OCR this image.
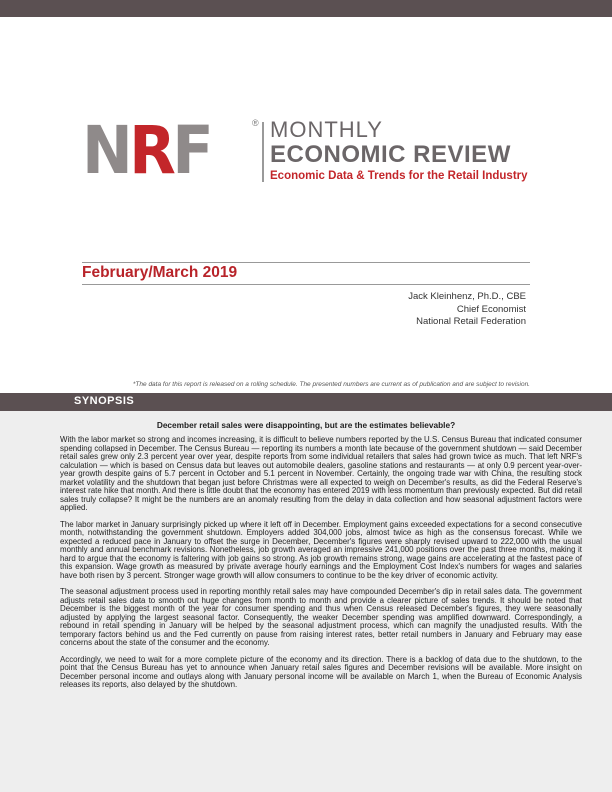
NRF	® MONTHLY
ECONOMIC REVIEW
Economic Data & Trends for the Retail Industry
February/March 2019
Jack Kleinhenz, Ph.D., CBE
Chief Economist
National Retail Federation
*The data for this report is released on a rolling schedule. The presented numbers are current as of publication and are subject to revision.
SYNOPSIS
December retail sales were disappointing, but are the estimates believable?

With the labor market so strong and incomes increasing, it is difficult to believe numbers reported by the U.S. Census Bureau that indicated consumer spending collapsed in December. The Census Bureau — reporting its numbers a month late because of the government shutdown — said December retail sales grew only 2.3 percent year over year, despite reports from some individual retailers that sales had grown twice as much. That left NRF's calculation — which is based on Census data but leaves out automobile dealers, gasoline stations and restaurants — at only 0.9 percent year-over-year growth despite gains of 5.7 percent in October and 5.1 percent in November. Certainly, the ongoing trade war with China, the resulting stock market volatility and the shutdown that began just before Christmas were all expected to weigh on December's results, as did the Federal Reserve's interest rate hike that month. And there is little doubt that the economy has entered 2019 with less momentum than previously expected. But did retail sales truly collapse? It might be the numbers are an anomaly resulting from the delay in data collection and how seasonal adjustment factors were applied.

The labor market in January surprisingly picked up where it left off in December. Employment gains exceeded expectations for a second consecutive month, notwithstanding the government shutdown. Employers added 304,000 jobs, almost twice as high as the consensus forecast. While we expected a reduced pace in January to offset the surge in December, December's figures were sharply revised upward to 222,000 with the usual monthly and annual benchmark revisions. Nonetheless, job growth averaged an impressive 241,000 positions over the past three months, making it hard to argue that the economy is faltering with job gains so strong. As job growth remains strong, wage gains are accelerating at the fastest pace of this expansion. Wage growth as measured by private average hourly earnings and the Employment Cost Index's numbers for wages and salaries have both risen by 3 percent. Stronger wage growth will allow consumers to continue to be the key driver of economic activity.

The seasonal adjustment process used in reporting monthly retail sales may have compounded December's dip in retail sales data. The government adjusts retail sales data to smooth out huge changes from month to month and provide a clearer picture of sales trends. It should be noted that December is the biggest month of the year for consumer spending and thus when Census released December's figures, they were seasonally adjusted by applying the largest seasonal factor. Consequently, the weaker December spending was amplified downward. Correspondingly, a rebound in retail spending in January will be helped by the seasonal adjustment process, which can magnify the unadjusted results. With the temporary factors behind us and the Fed currently on pause from raising interest rates, better retail numbers in January and February may ease concerns about the state of the consumer and the economy.

Accordingly, we need to wait for a more complete picture of the economy and its direction. There is a backlog of data due to the shutdown, to the point that the Census Bureau has yet to announce when January retail sales figures and December revisions will be available. More insight on December personal income and outlays along with January personal income will be available on March 1, when the Bureau of Economic Analysis releases its reports, also delayed by the shutdown.
